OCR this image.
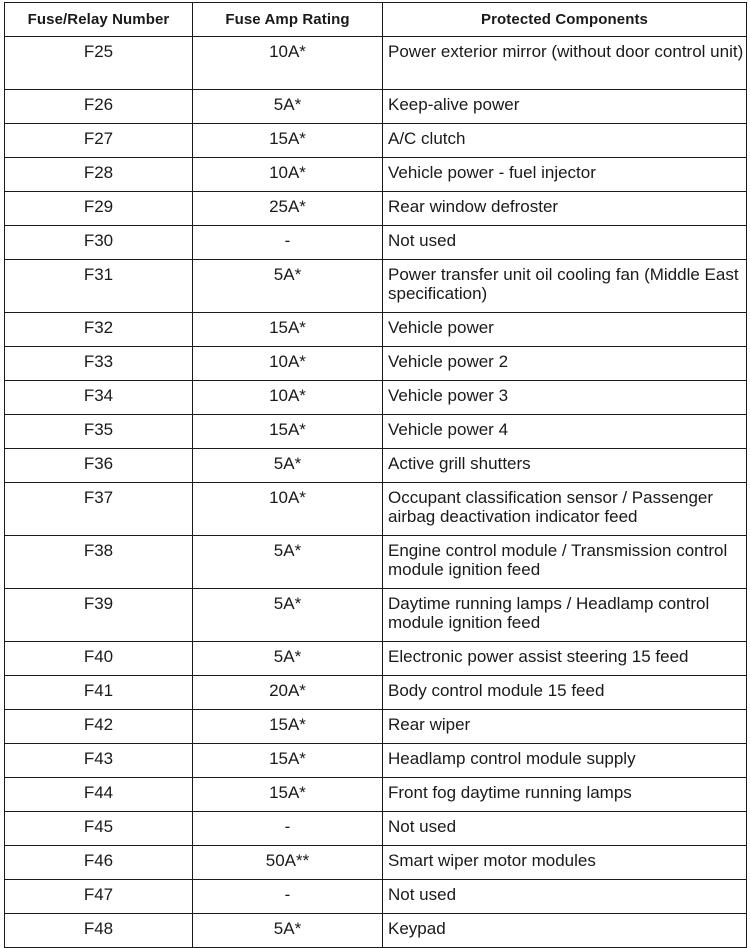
Fuse/Relay Number	Fuse Amp Rating	Protected Components
F25	10A*	Power exterior mirror (without door control unit)
F26	5A*	Keep-alive power
F27	15A*	A/C clutch
F28	10A*	Vehicle power - fuel injector
F29	25A*	Rear window defroster
F30	-	Not used
F31	5A*	Power transfer unit oil cooling fan (Middle East specification)
F32	15A*	Vehicle power
F33	10A*	Vehicle power 2
F34	10A*	Vehicle power 3
F35	15A*	Vehicle power 4
F36	5A*	Active grill shutters
F37	10A*	Occupant classification sensor / Passenger airbag deactivation indicator feed
F38	5A*	Engine control module / Transmission control module ignition feed
F39	5A*	Daytime running lamps / Headlamp control module ignition feed
F40	5A*	Electronic power assist steering 15 feed
F41	20A*	Body control module 15 feed
F42	15A*	Rear wiper
F43	15A*	Headlamp control module supply
F44	15A*	Front fog daytime running lamps
F45	-	Not used
F46	50A**	Smart wiper motor modules
F47	-	Not used
F48	5A*	Keypad
